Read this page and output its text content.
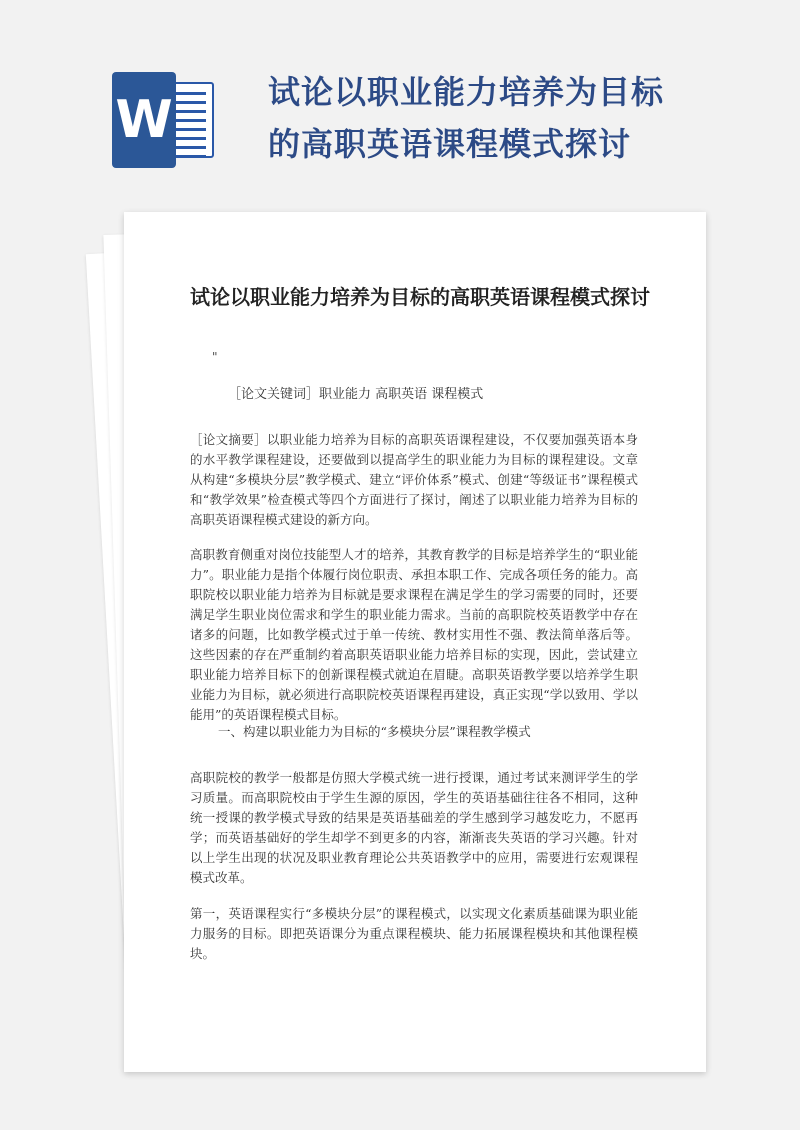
W	试论以职业能力培养为目标的高职英语课程模式探讨
试论以职业能力培养为目标的高职英语课程模式探讨
"
［论文关键词］职业能力 高职英语 课程模式

［论文摘要］以职业能力培养为目标的高职英语课程建设，不仅要加强英语本身的水平教学课程建设，还要做到以提高学生的职业能力为目标的课程建设。文章从构建“多模块分层”教学模式、建立“评价体系”模式、创建“等级证书”课程模式和“教学效果”检查模式等四个方面进行了探讨，阐述了以职业能力培养为目标的高职英语课程模式建设的新方向。

高职教育侧重对岗位技能型人才的培养，其教育教学的目标是培养学生的“职业能力”。职业能力是指个体履行岗位职责、承担本职工作、完成各项任务的能力。高职院校以职业能力培养为目标就是要求课程在满足学生的学习需要的同时，还要满足学生职业岗位需求和学生的职业能力需求。当前的高职院校英语教学中存在诸多的问题，比如教学模式过于单一传统、教材实用性不强、教法简单落后等。这些因素的存在严重制约着高职英语职业能力培养目标的实现，因此，尝试建立职业能力培养目标下的创新课程模式就迫在眉睫。高职英语教学要以培养学生职业能力为目标，就必须进行高职院校英语课程再建设，真正实现“学以致用、学以能用”的英语课程模式目标。

一、构建以职业能力为目标的“多模块分层”课程教学模式

高职院校的教学一般都是仿照大学模式统一进行授课，通过考试来测评学生的学习质量。而高职院校由于学生生源的原因，学生的英语基础往往各不相同，这种统一授课的教学模式导致的结果是英语基础差的学生感到学习越发吃力，不愿再学；而英语基础好的学生却学不到更多的内容，渐渐丧失英语的学习兴趣。针对以上学生出现的状况及职业教育理论公共英语教学中的应用，需要进行宏观课程模式改革。

第一，英语课程实行“多模块分层”的课程模式，以实现文化素质基础课为职业能力服务的目标。即把英语课分为重点课程模块、能力拓展课程模块和其他课程模块。
